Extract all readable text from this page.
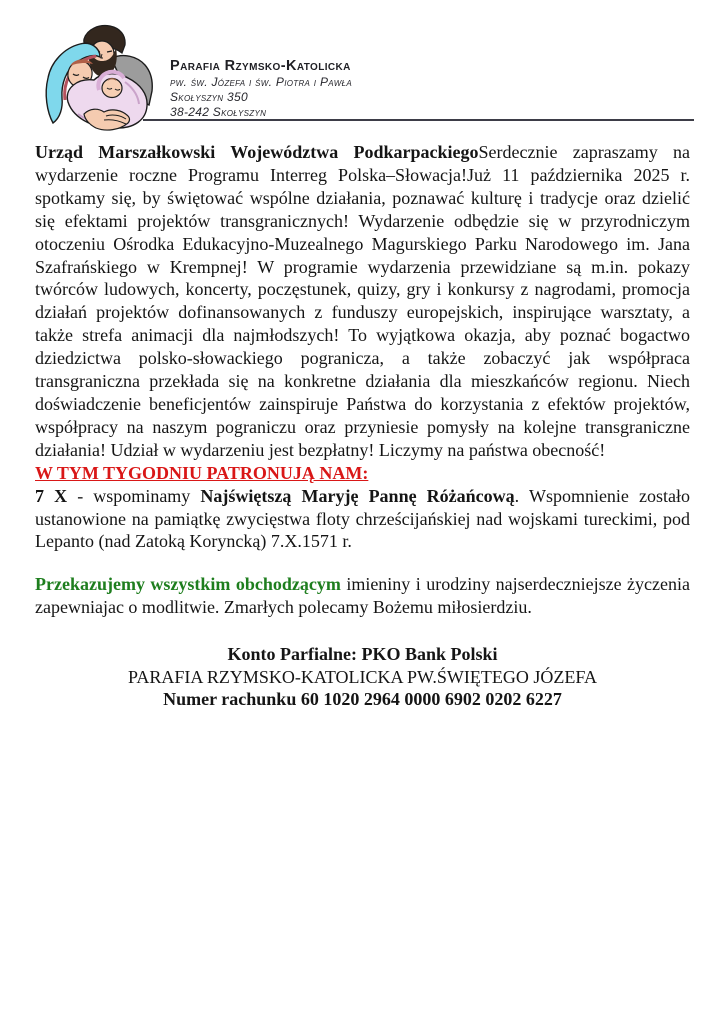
Parafia Rzymsko-Katolicka
pw. św. Józefa i św. Piotra i Pawła
Skołyszyn 350
38-242 Skołyszyn

Urząd Marszałkowski Województwa PodkarpackiegoSerdecznie zapraszamy na wydarzenie roczne Programu Interreg Polska–Słowacja!Już 11 października 2025 r. spotkamy się, by świętować wspólne działania, poznawać kulturę i tradycje oraz dzielić się efektami projektów transgranicznych! Wydarzenie odbędzie się w przyrodniczym otoczeniu Ośrodka Edukacyjno-Muzealnego Magurskiego Parku Narodowego im. Jana Szafrańskiego w Krempnej! W programie wydarzenia przewidziane są m.in. pokazy twórców ludowych, koncerty, poczęstunek, quizy, gry i konkursy z nagrodami, promocja działań projektów dofinansowanych z funduszy europejskich, inspirujące warsztaty, a także strefa animacji dla najmłodszych! To wyjątkowa okazja, aby poznać bogactwo dziedzictwa polsko-słowackiego pogranicza, a także zobaczyć jak współpraca transgraniczna przekłada się na konkretne działania dla mieszkańców regionu. Niech doświadczenie beneficjentów zainspiruje Państwa do korzystania z efektów projektów, współpracy na naszym pograniczu oraz przyniesie pomysły na kolejne transgraniczne działania! Udział w wydarzeniu jest bezpłatny! Liczymy na państwa obecność!

W TYM TYGODNIU PATRONUJĄ NAM:

7 X - wspominamy Najświętszą Maryję Pannę Różańcową. Wspomnienie zostało ustanowione na pamiątkę zwycięstwa floty chrześcijańskiej nad wojskami tureckimi, pod Lepanto (nad Zatoką Koryncką) 7.X.1571 r.

Przekazujemy wszystkim obchodzącym imieniny i urodziny najserdeczniejsze życzenia zapewniajac o modlitwie. Zmarłych polecamy Bożemu miłosierdziu.

Konto Parfialne: PKO Bank Polski
PARAFIA RZYMSKO-KATOLICKA PW.ŚWIĘTEGO JÓZEFA
Numer rachunku 60 1020 2964 0000 6902 0202 6227
